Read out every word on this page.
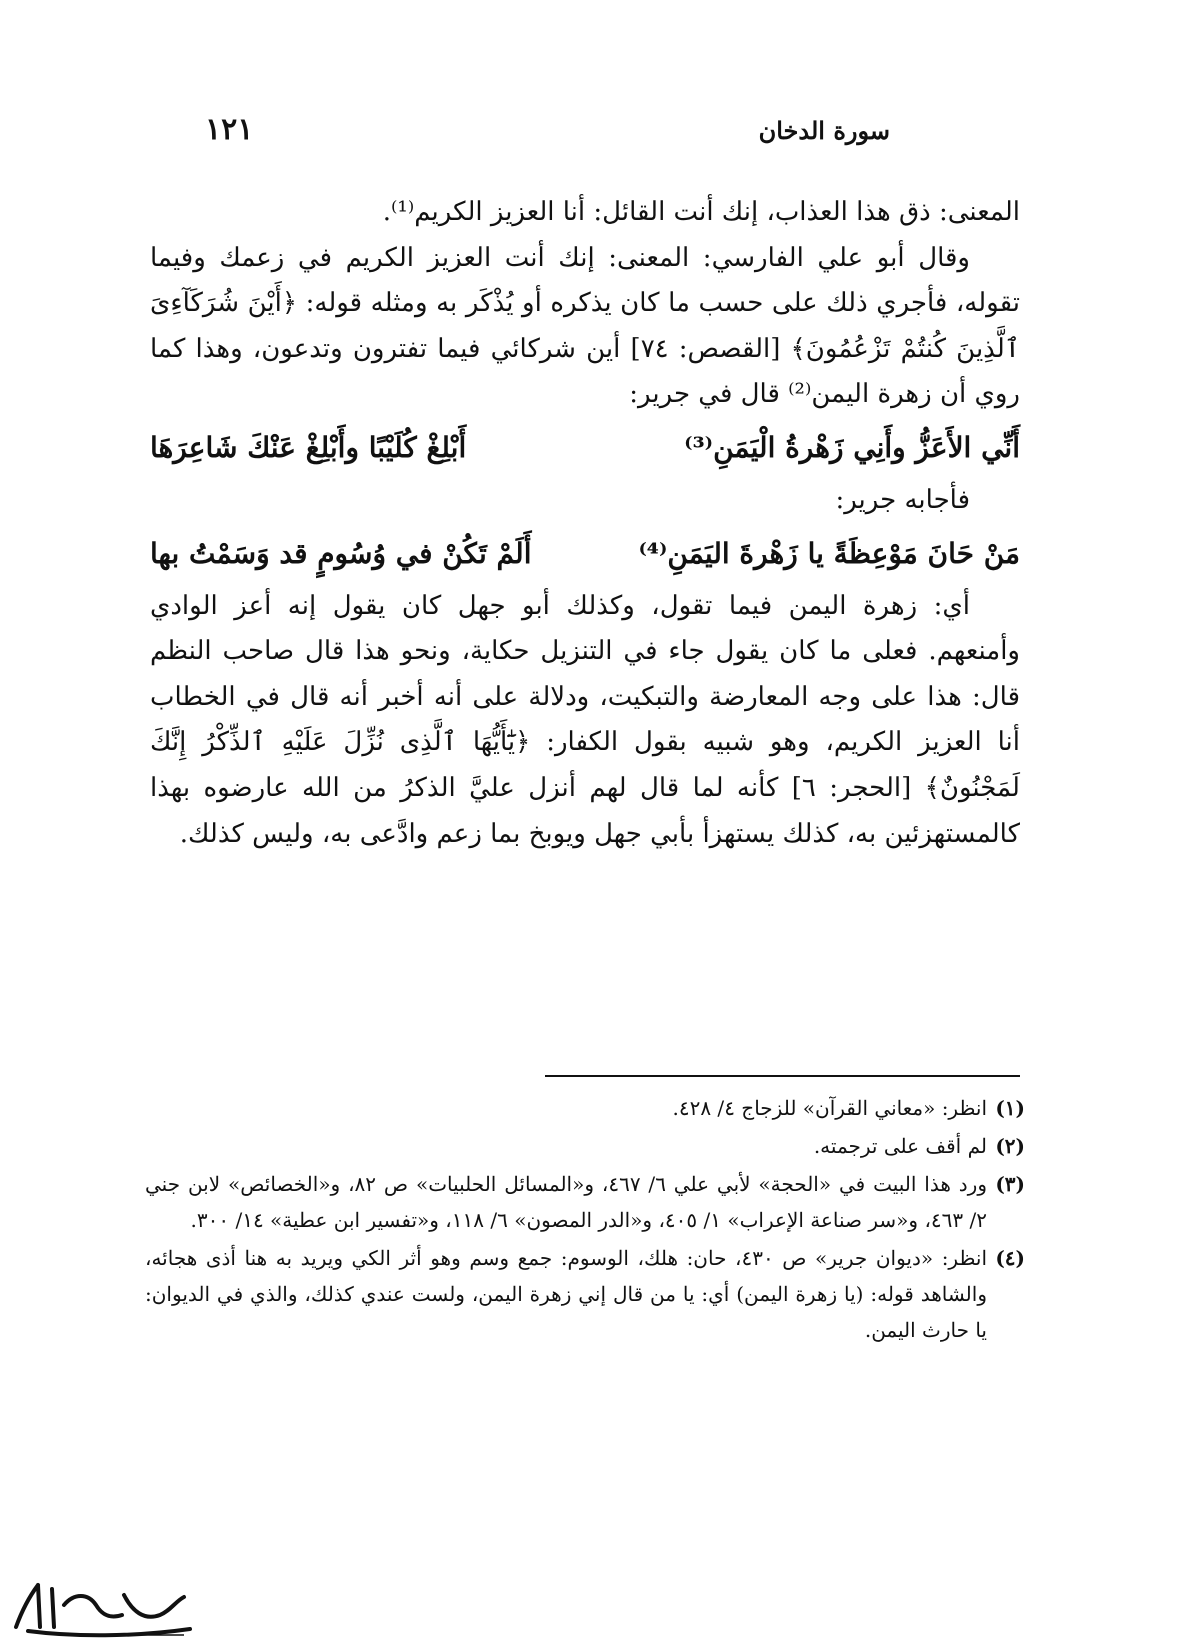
١٢١	سورة الدخان

المعنى: ذق هذا العذاب، إنك أنت القائل: أنا العزيز الكريم⁽¹⁾.

وقال أبو علي الفارسي: المعنى: إنك أنت العزيز الكريم في زعمك وفيما تقوله، فأجري ذلك على حسب ما كان يذكره أو يُذْكَر به ومثله قوله: ﴿أَيْنَ شُرَكَآءِىَ ٱلَّذِينَ كُنتُمْ تَزْعُمُونَ﴾ [القصص: ٧٤] أين شركائي فيما تفترون وتدعون، وهذا كما روي أن زهرة اليمن⁽²⁾ قال في جرير:

أَبْلِغْ كُلَيْبًا وأَبْلِغْ عَنْكَ شَاعِرَهَا	أَنِّي الأَعَزُّ وأَنِي زَهْرةُ الْيَمَنِ⁽³⁾

فأجابه جرير:

أَلَمْ تَكُنْ في وُسُومٍ قد وَسَمْتُ بها	مَنْ حَانَ مَوْعِظَةً يا زَهْرةَ اليَمَنِ⁽⁴⁾

أي: زهرة اليمن فيما تقول، وكذلك أبو جهل كان يقول إنه أعز الوادي وأمنعهم. فعلى ما كان يقول جاء في التنزيل حكاية، ونحو هذا قال صاحب النظم قال: هذا على وجه المعارضة والتبكيت، ودلالة على أنه أخبر أنه قال في الخطاب أنا العزيز الكريم، وهو شبيه بقول الكفار: ﴿يَٰٓأَيُّهَا ٱلَّذِى نُزِّلَ عَلَيْهِ ٱلذِّكْرُ إِنَّكَ لَمَجْنُونٌ﴾ [الحجر: ٦] كأنه لما قال لهم أنزل عليَّ الذكرُ من الله عارضوه بهذا كالمستهزئين به، كذلك يستهزأ بأبي جهل ويوبخ بما زعم وادَّعى به، وليس كذلك.

(١)
انظر: «معاني القرآن» للزجاج ٤/ ٤٢٨.
(٢)
لم أقف على ترجمته.
(٣)
ورد هذا البيت في «الحجة» لأبي علي ٦/ ٤٦٧، و«المسائل الحلبيات» ص ٨٢، و«الخصائص» لابن جني ٢/ ٤٦٣، و«سر صناعة الإعراب» ١/ ٤٠٥، و«الدر المصون» ٦/ ١١٨، و«تفسير ابن عطية» ١٤/ ٣٠٠.
(٤)
انظر: «ديوان جرير» ص ٤٣٠، حان: هلك، الوسوم: جمع وسم وهو أثر الكي ويريد به هنا أذى هجائه، والشاهد قوله: (يا زهرة اليمن) أي: يا من قال إني زهرة اليمن، ولست عندي كذلك، والذي في الديوان: يا حارث اليمن.
